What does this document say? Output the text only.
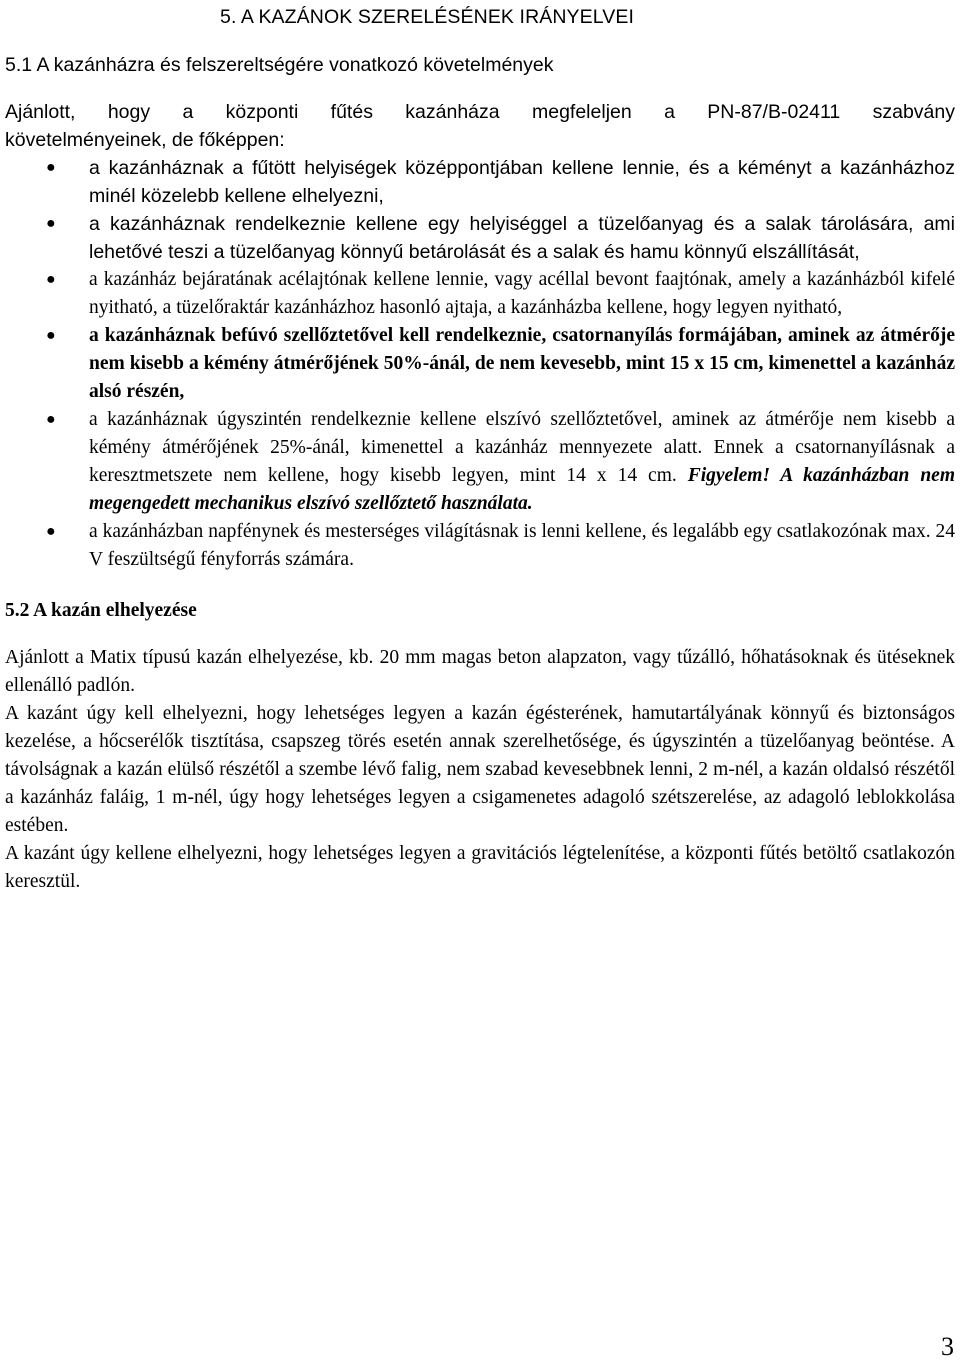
5. A KAZÁNOK SZERELÉSÉNEK IRÁNYELVEI
5.1 A kazánházra és felszereltségére vonatkozó követelmények
Ajánlott, hogy a központi fűtés kazánháza megfeleljen a PN-87/B-02411 szabvány
követelményeinek, de főképpen:
● a kazánháznak a fűtött helyiségek középpontjában kellene lennie, és a kéményt a kazánházhoz minél közelebb kellene elhelyezni,
● a kazánháznak rendelkeznie kellene egy helyiséggel a tüzelőanyag és a salak tárolására, ami lehetővé teszi a tüzelőanyag könnyű betárolását és a salak és hamu könnyű elszállítását,
● a kazánház bejáratának acélajtónak kellene lennie, vagy acéllal bevont faajtónak, amely a kazánházból kifelé nyitható, a tüzelőraktár kazánházhoz hasonló ajtaja, a kazánházba kellene, hogy legyen nyitható,
● a kazánháznak befúvó szellőztetővel kell rendelkeznie, csatornanyílás formájában, aminek az átmérője nem kisebb a kémény átmérőjének 50%-ánál, de nem kevesebb, mint 15 x 15 cm, kimenettel a kazánház alsó részén,
● a kazánháznak úgyszintén rendelkeznie kellene elszívó szellőztetővel, aminek az átmérője nem kisebb a kémény átmérőjének 25%-ánál, kimenettel a kazánház mennyezete alatt. Ennek a csatornanyílásnak a keresztmetszete nem kellene, hogy kisebb legyen, mint 14 x 14 cm. Figyelem! A kazánházban nem megengedett mechanikus elszívó szellőztető használata.
● a kazánházban napfénynek és mesterséges világításnak is lenni kellene, és legalább egy csatlakozónak max. 24 V feszültségű fényforrás számára.
5.2 A kazán elhelyezése

Ajánlott a Matix típusú kazán elhelyezése, kb. 20 mm magas beton alapzaton, vagy tűzálló, hőhatásoknak és ütéseknek ellenálló padlón.

A kazánt úgy kell elhelyezni, hogy lehetséges legyen a kazán égésterének, hamutartályának könnyű és biztonságos kezelése, a hőcserélők tisztítása, csapszeg törés esetén annak szerelhetősége, és úgyszintén a tüzelőanyag beöntése. A távolságnak a kazán elülső részétől a szembe lévő falig, nem szabad kevesebbnek lenni, 2 m-nél, a kazán oldalsó részétől a kazánház faláig, 1 m-nél, úgy hogy lehetséges legyen a csigamenetes adagoló szétszerelése, az adagoló leblokkolása estében.

A kazánt úgy kellene elhelyezni, hogy lehetséges legyen a gravitációs légtelenítése, a központi fűtés betöltő csatlakozón keresztül.

3
